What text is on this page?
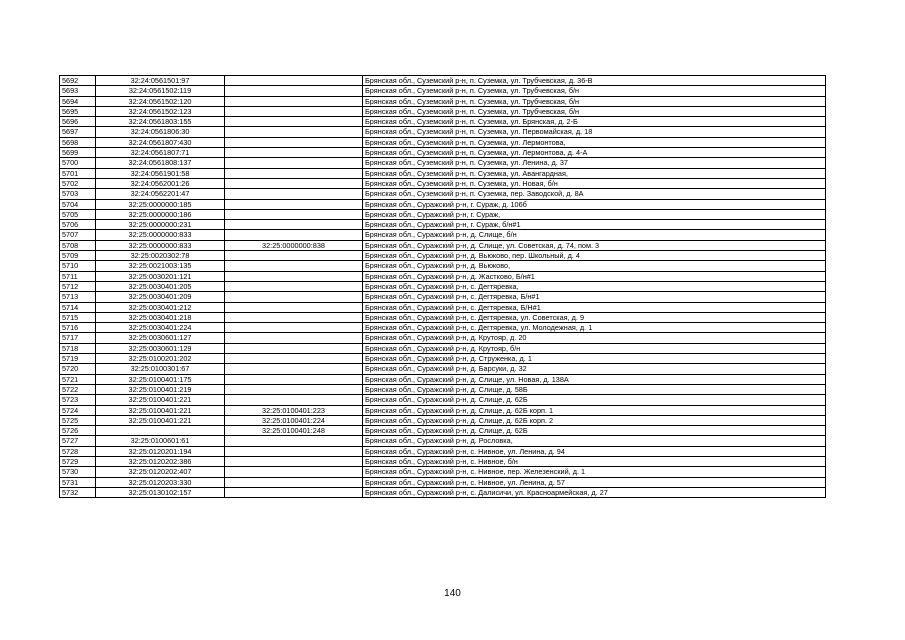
5692	32:24:0561501:97		Брянская обл., Суземский р-н, п. Суземка, ул. Трубчевская, д. 36-В
5693	32:24:0561502:119		Брянская обл., Суземский р-н, п. Суземка, ул. Трубчевская, б/н
5694	32:24:0561502:120		Брянская обл., Суземский р-н, п. Суземка, ул. Трубчевская, б/н
5695	32:24:0561502:123		Брянская обл., Суземский р-н, п. Суземка, ул. Трубчевская, б/н
5696	32:24:0561803:155		Брянская обл., Суземский р-н, п. Суземка, ул. Брянская, д. 2-Б
5697	32:24:0561806:30		Брянская обл., Суземский р-н, п. Суземка, ул. Первомайская, д. 18
5698	32:24:0561807:430		Брянская обл., Суземский р-н, п. Суземка, ул. Лермонтова,
5699	32:24:0561807:71		Брянская обл., Суземский р-н, п. Суземка, ул. Лермонтова, д. 4-А
5700	32:24:0561808:137		Брянская обл., Суземский р-н, п. Суземка, ул. Ленина, д. 37
5701	32:24:0561901:58		Брянская обл., Суземский р-н, п. Суземка, ул. Авангардная,
5702	32:24:0562001:26		Брянская обл., Суземский р-н, п. Суземка, ул. Новая, б/н
5703	32:24:0562201:47		Брянская обл., Суземский р-н, п. Суземка, пер. Заводской, д. 8А
5704	32:25:0000000:185		Брянская обл., Суражский р-н, г. Сураж, д. 106б
5705	32:25:0000000:186		Брянская обл., Суражский р-н, г. Сураж,
5706	32:25:0000000:231		Брянская обл., Суражский р-н, г. Сураж, б/н#1
5707	32:25:0000000:833		Брянская обл., Суражский р-н, д. Слище, б/н
5708	32:25:0000000:833	32:25:0000000:838	Брянская обл., Суражский р-н, д. Слище, ул. Советская, д. 74, пом. 3
5709	32:25:0020302:78		Брянская обл., Суражский р-н, д. Вьюково, пер. Школьный, д. 4
5710	32:25:0021003:135		Брянская обл., Суражский р-н, д. Вьюково,
5711	32:25:0030201:121		Брянская обл., Суражский р-н, д. Жастково, Б/н#1
5712	32:25:0030401:205		Брянская обл., Суражский р-н, с. Дегтяревка,
5713	32:25:0030401:209		Брянская обл., Суражский р-н, с. Дегтяревка, Б/н#1
5714	32:25:0030401:212		Брянская обл., Суражский р-н, с. Дегтяревка, Б/Н#1
5715	32:25:0030401:218		Брянская обл., Суражский р-н, с. Дегтяревка, ул. Советская, д. 9
5716	32:25:0030401:224		Брянская обл., Суражский р-н, с. Дегтяревка, ул. Молодежная, д. 1
5717	32:25:0030601:127		Брянская обл., Суражский р-н, д. Крутояр, д. 20
5718	32:25:0030601:129		Брянская обл., Суражский р-н, д. Крутояр, б/н
5719	32:25:0100201:202		Брянская обл., Суражский р-н, д. Струженка, д. 1
5720	32:25:0100301:67		Брянская обл., Суражский р-н, д. Барсуки, д. 32
5721	32:25:0100401:175		Брянская обл., Суражский р-н, д. Слище, ул. Новая, д. 138А
5722	32:25:0100401:219		Брянская обл., Суражский р-н, д. Слище, д. 58Б
5723	32:25:0100401:221		Брянская обл., Суражский р-н, д. Слище, д. 62Б
5724	32:25:0100401:221	32:25:0100401:223	Брянская обл., Суражский р-н, д. Слище, д. 62Б корп. 1
5725	32:25:0100401:221	32:25:0100401:224	Брянская обл., Суражский р-н, д. Слище, д. 62Б корп. 2
5726		32:25:0100401:248	Брянская обл., Суражский р-н, д. Слище, д. 62Б
5727	32:25:0100601:61		Брянская обл., Суражский р-н, д. Рословка,
5728	32:25:0120201:194		Брянская обл., Суражский р-н, с. Нивное, ул. Ленина, д. 94
5729	32:25:0120202:386		Брянская обл., Суражский р-н, с. Нивное, б/н
5730	32:25:0120202:407		Брянская обл., Суражский р-н, с. Нивное, пер. Железенский, д. 1
5731	32:25:0120203:330		Брянская обл., Суражский р-н, с. Нивное, ул. Ленина, д. 57
5732	32:25:0130102:157		Брянская обл., Суражский р-н, с. Далисичи, ул. Красноармейская, д. 27
140
